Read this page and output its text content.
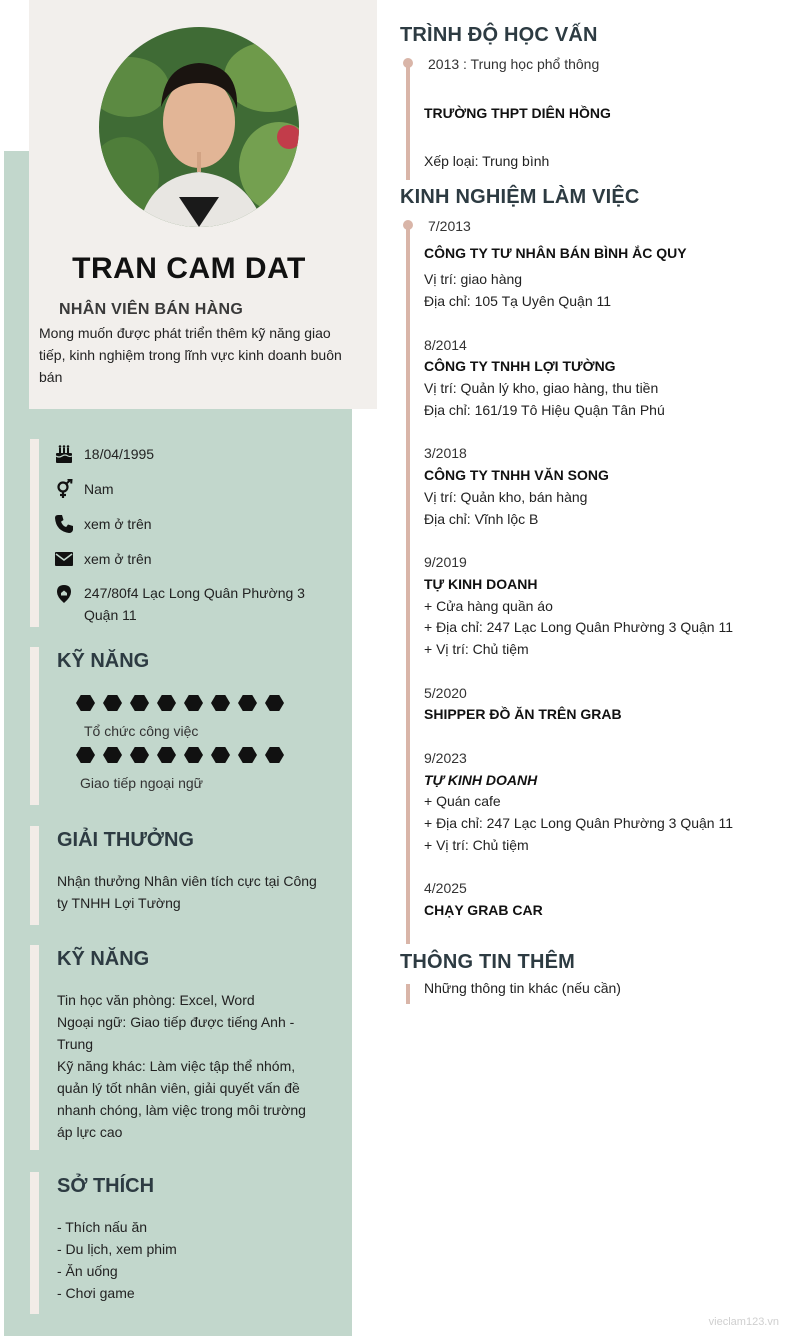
TRAN CAM DAT
NHÂN VIÊN BÁN HÀNG
Mong muốn được phát triển thêm kỹ năng giao tiếp, kinh nghiệm trong lĩnh vực kinh doanh buôn bán
18/04/1995
Nam
xem ở trên
xem ở trên
247/80f4 Lạc Long Quân Phường 3
Quận 11
KỸ NĂNG
Tổ chức công việc
Giao tiếp ngoại ngữ
GIẢI THƯỞNG
Nhận thưởng Nhân viên tích cực tại Công
ty TNHH Lợi Tường
KỸ NĂNG
Tin học văn phòng: Excel, Word
Ngoại ngữ: Giao tiếp được tiếng Anh -
Trung
Kỹ năng khác: Làm việc tập thể nhóm,
quản lý tốt nhân viên, giải quyết vấn đề
nhanh chóng, làm việc trong môi trường
áp lực cao
SỞ THÍCH
- Thích nấu ăn
- Du lịch, xem phim
- Ăn uống
- Chơi game
TRÌNH ĐỘ HỌC VẤN
2013 : Trung học phổ thông
TRƯỜNG THPT DIÊN HỒNG
Xếp loại: Trung bình
KINH NGHIỆM LÀM VIỆC
7/2013
CÔNG TY TƯ NHÂN BÁN BÌNH ẮC QUY
Vị trí: giao hàng
Địa chỉ: 105 Tạ Uyên Quận 11
8/2014
CÔNG TY TNHH LỢI TƯỜNG
Vị trí: Quản lý kho, giao hàng, thu tiền
Địa chỉ: 161/19 Tô Hiệu Quận Tân Phú
3/2018
CÔNG TY TNHH VĂN SONG
Vị trí: Quản kho, bán hàng
Địa chỉ: Vĩnh lộc B
9/2019
TỰ KINH DOANH
+ Cửa hàng quần áo
+ Địa chỉ: 247 Lạc Long Quân Phường 3 Quận 11
+ Vị trí: Chủ tiệm
5/2020
SHIPPER ĐỒ ĂN TRÊN GRAB
9/2023
TỰ KINH DOANH
+ Quán cafe
+ Địa chỉ: 247 Lạc Long Quân Phường 3 Quận 11
+ Vị trí: Chủ tiệm
4/2025
CHẠY GRAB CAR
THÔNG TIN THÊM
Những thông tin khác (nếu cần)
vieclam123.vn
